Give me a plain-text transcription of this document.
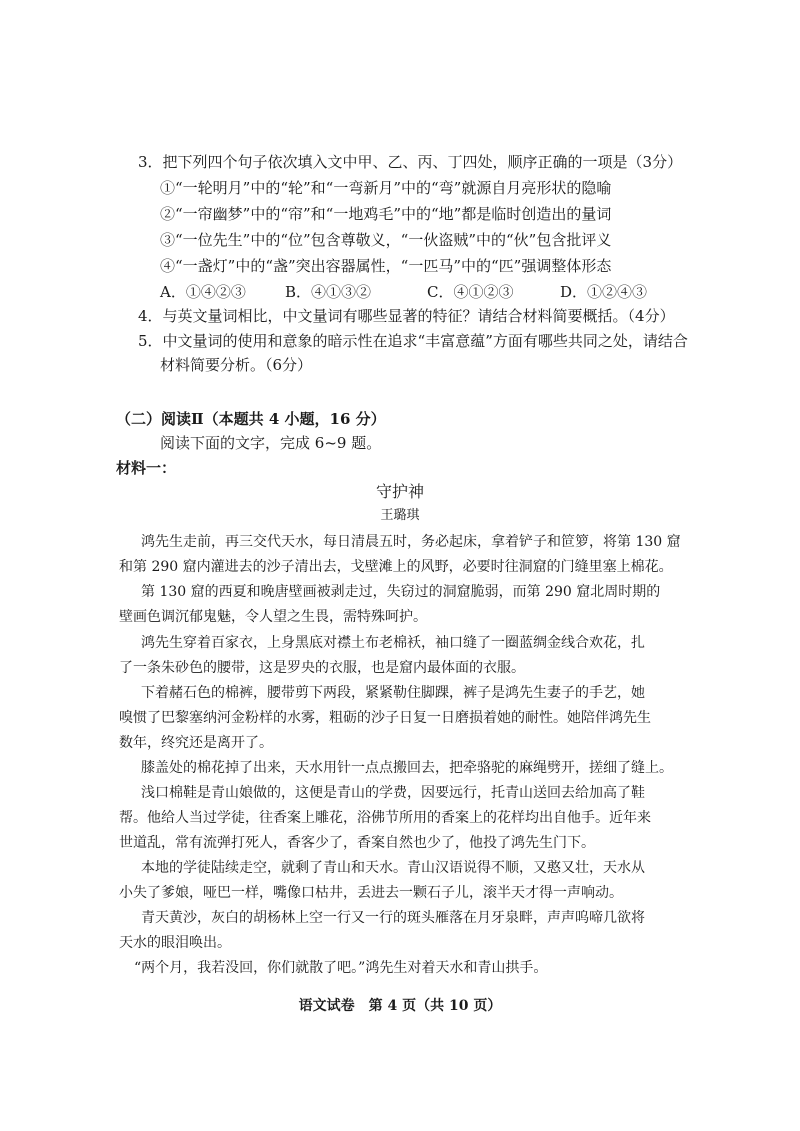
3．把下列四个句子依次填入文中甲、乙、丙、丁四处，顺序正确的一项是（3分）
①“一轮明月”中的“轮”和“一弯新月”中的“弯”就源自月亮形状的隐喻
②“一帘幽梦”中的“帘”和“一地鸡毛”中的“地”都是临时创造出的量词
③“一位先生”中的“位”包含尊敬义，“一伙盗贼”中的“伙”包含批评义
④“一盏灯”中的“盏”突出容器属性，“一匹马”中的“匹”强调整体形态
A．①④②③	B．④①③②	C．④①②③	D．①②④③
4．与英文量词相比，中文量词有哪些显著的特征？请结合材料简要概括。（4分）
5．中文量词的使用和意象的暗示性在追求“丰富意蕴”方面有哪些共同之处，请结合
材料简要分析。（6分）
（二）阅读Ⅱ（本题共 4 小题，16 分）
阅读下面的文字，完成 6~9 题。
材料一：
守护神
王璐琪
鸿先生走前，再三交代天水，每日清晨五时，务必起床，拿着铲子和笸箩，将第 130 窟
和第 290 窟内灌进去的沙子清出去，戈壁滩上的风野，必要时往洞窟的门缝里塞上棉花。
第 130 窟的西夏和晚唐壁画被剥走过，失窃过的洞窟脆弱，而第 290 窟北周时期的
壁画色调沉郁鬼魅，令人望之生畏，需特殊呵护。
鸿先生穿着百家衣，上身黑底对襟土布老棉袄，袖口缝了一圈蓝绸金线合欢花，扎
了一条朱砂色的腰带，这是罗央的衣服，也是窟内最体面的衣服。
下着赭石色的棉裤，腰带剪下两段，紧紧勒住脚踝，裤子是鸿先生妻子的手艺，她
嗅惯了巴黎塞纳河金粉样的水雾，粗砺的沙子日复一日磨损着她的耐性。她陪伴鸿先生
数年，终究还是离开了。
膝盖处的棉花掉了出来，天水用针一点点搬回去，把牵骆驼的麻绳劈开，搓细了缝上。
浅口棉鞋是青山娘做的，这便是青山的学费，因要远行，托青山送回去给加高了鞋
帮。他给人当过学徒，往香案上雕花，浴佛节所用的香案上的花样均出自他手。近年来
世道乱，常有流弹打死人，香客少了，香案自然也少了，他投了鸿先生门下。
本地的学徒陆续走空，就剩了青山和天水。青山汉语说得不顺，又憨又壮，天水从
小失了爹娘，哑巴一样，嘴像口枯井，丢进去一颗石子儿，滚半天才得一声响动。
青天黄沙，灰白的胡杨林上空一行又一行的斑头雁落在月牙泉畔，声声呜啼几欲将
天水的眼泪唤出。
“两个月，我若没回，你们就散了吧。”鸿先生对着天水和青山拱手。
语文试卷　第 4 页（共 10 页）
